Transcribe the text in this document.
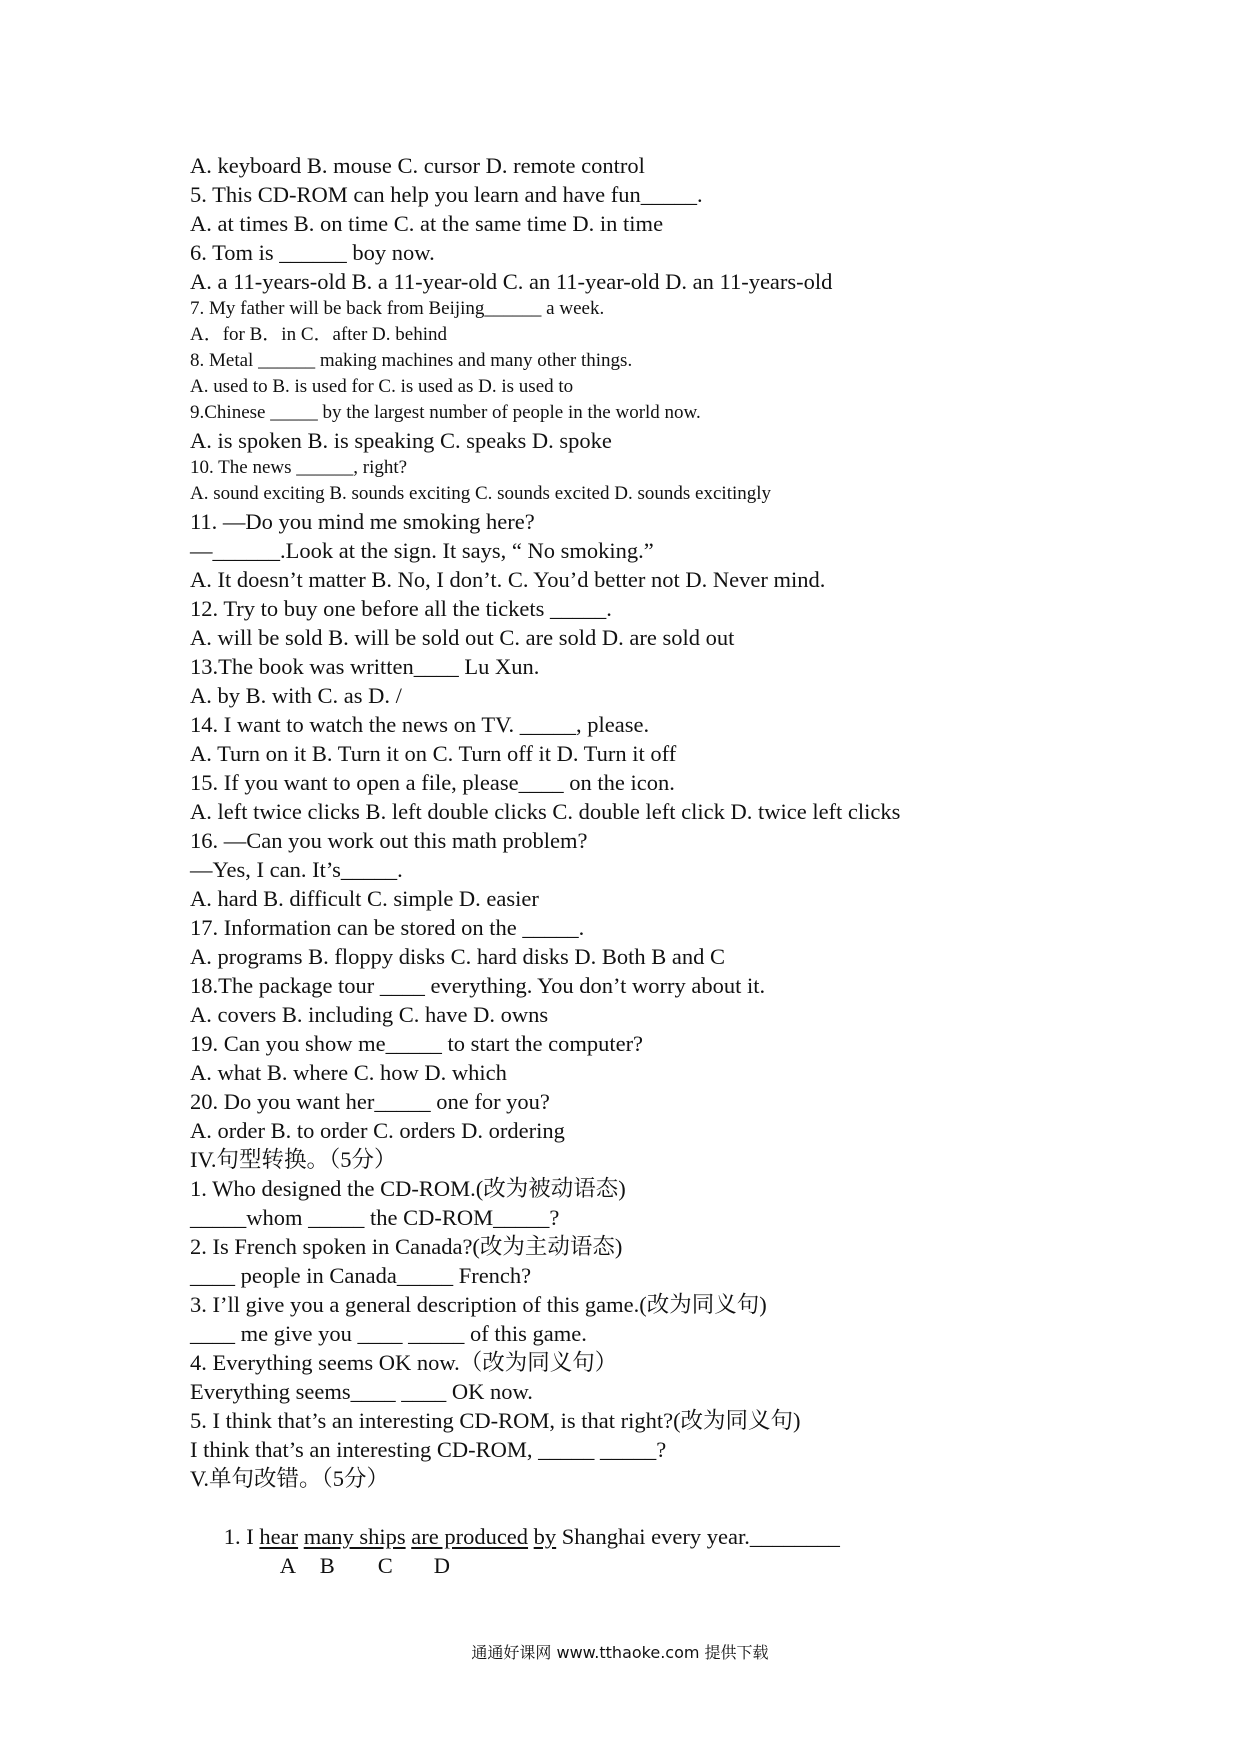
A. keyboard B. mouse C. cursor D. remote control
5. This CD-ROM can help you learn and have fun_____.
A. at times B. on time C. at the same time D. in time
6. Tom is ______ boy now.
A. a 11-years-old B. a 11-year-old C. an 11-year-old D. an 11-years-old
7. My father will be back from Beijing______ a week.
A．for B．in C．after D. behind
8. Metal ______ making machines and many other things.
A. used to B. is used for C. is used as D. is used to
9.Chinese _____ by the largest number of people in the world now.
A. is spoken B. is speaking C. speaks D. spoke
10. The news ______, right?
A. sound exciting B. sounds exciting C. sounds excited D. sounds excitingly
11. —Do you mind me smoking here?
—______.Look at the sign. It says, “ No smoking.”
A. It doesn’t matter B. No, I don’t. C. You’d better not D. Never mind.
12. Try to buy one before all the tickets _____.
A. will be sold B. will be sold out C. are sold D. are sold out
13.The book was written____ Lu Xun.
A. by B. with C. as D. /
14. I want to watch the news on TV. _____, please.
A. Turn on it B. Turn it on C. Turn off it D. Turn it off
15. If you want to open a file, please____ on the icon.
A. left twice clicks B. left double clicks C. double left click D. twice left clicks
16. —Can you work out this math problem?
—Yes, I can. It’s_____.
A. hard B. difficult C. simple D. easier
17. Information can be stored on the _____.
A. programs B. floppy disks C. hard disks D. Both B and C
18.The package tour ____ everything. You don’t worry about it.
A. covers B. including C. have D. owns
19. Can you show me_____ to start the computer?
A. what B. where C. how D. which
20. Do you want her_____ one for you?
A. order B. to order C. orders D. ordering
IV.句型转换。（5分）
1. Who designed the CD-ROM.(改为被动语态)
_____whom _____ the CD-ROM_____?
2. Is French spoken in Canada?(改为主动语态)
____ people in Canada_____ French?
3. I’ll give you a general description of this game.(改为同义句)
____ me give you ____ _____ of this game.
4. Everything seems OK now.（改为同义句）
Everything seems____ ____ OK now.
5. I think that’s an interesting CD-ROM, is that right?(改为同义句)
I think that’s an interesting CD-ROM, _____ _____?
V.单句改错。（5分）

1. I hear many ships are produced by Shanghai every year.________

A B C D

通通好课网 www.tthaoke.com 提供下载
